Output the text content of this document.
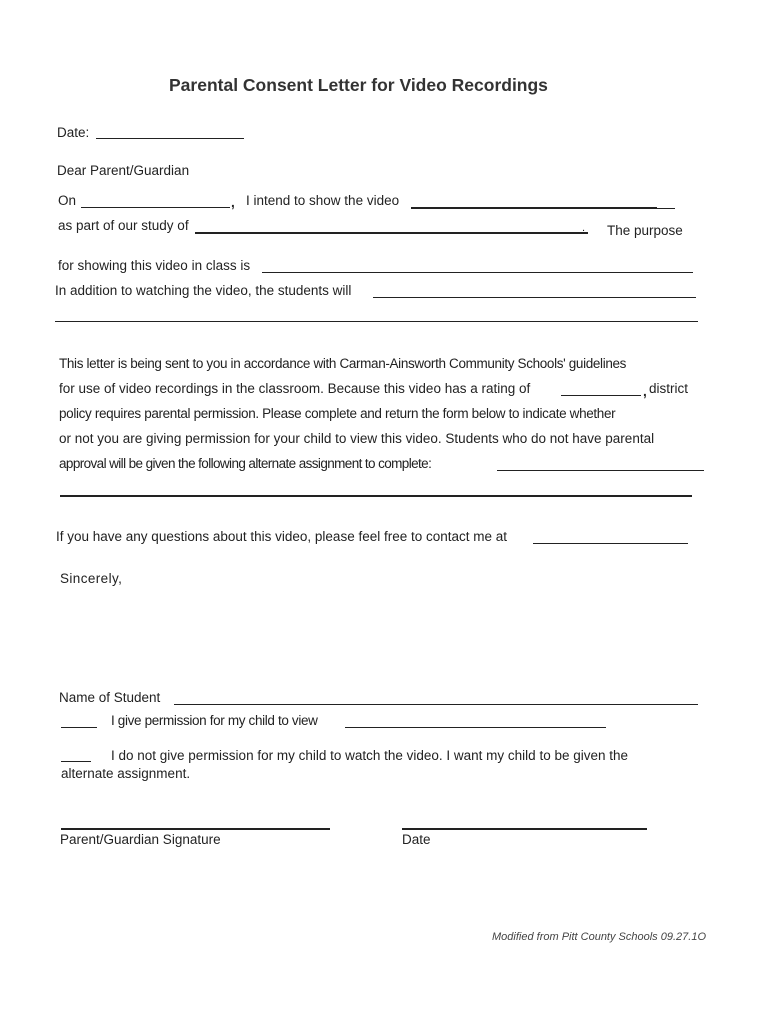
Parental Consent Letter for Video Recordings
Date:
Dear Parent/Guardian
On	, I intend to show the video
as part of our study of	. The purpose
for showing this video in class is
In addition to watching the video, the students will
This letter is being sent to you in accordance with Carman-Ainsworth Community Schools' guidelines
for use of video recordings in the classroom. Because this video has a rating of	, district
policy requires parental permission. Please complete and return the form below to indicate whether
or not you are giving permission for your child to view this video. Students who do not have parental
approval will be given the following alternate assignment to complete:
If you have any questions about this video, please feel free to contact me at
Sincerely,
Name of Student
I give permission for my child to view
I do not give permission for my child to watch the video. I want my child to be given the
alternate assignment.
Parent/Guardian Signature	Date
Modified from Pitt County Schools 09.27.1O
